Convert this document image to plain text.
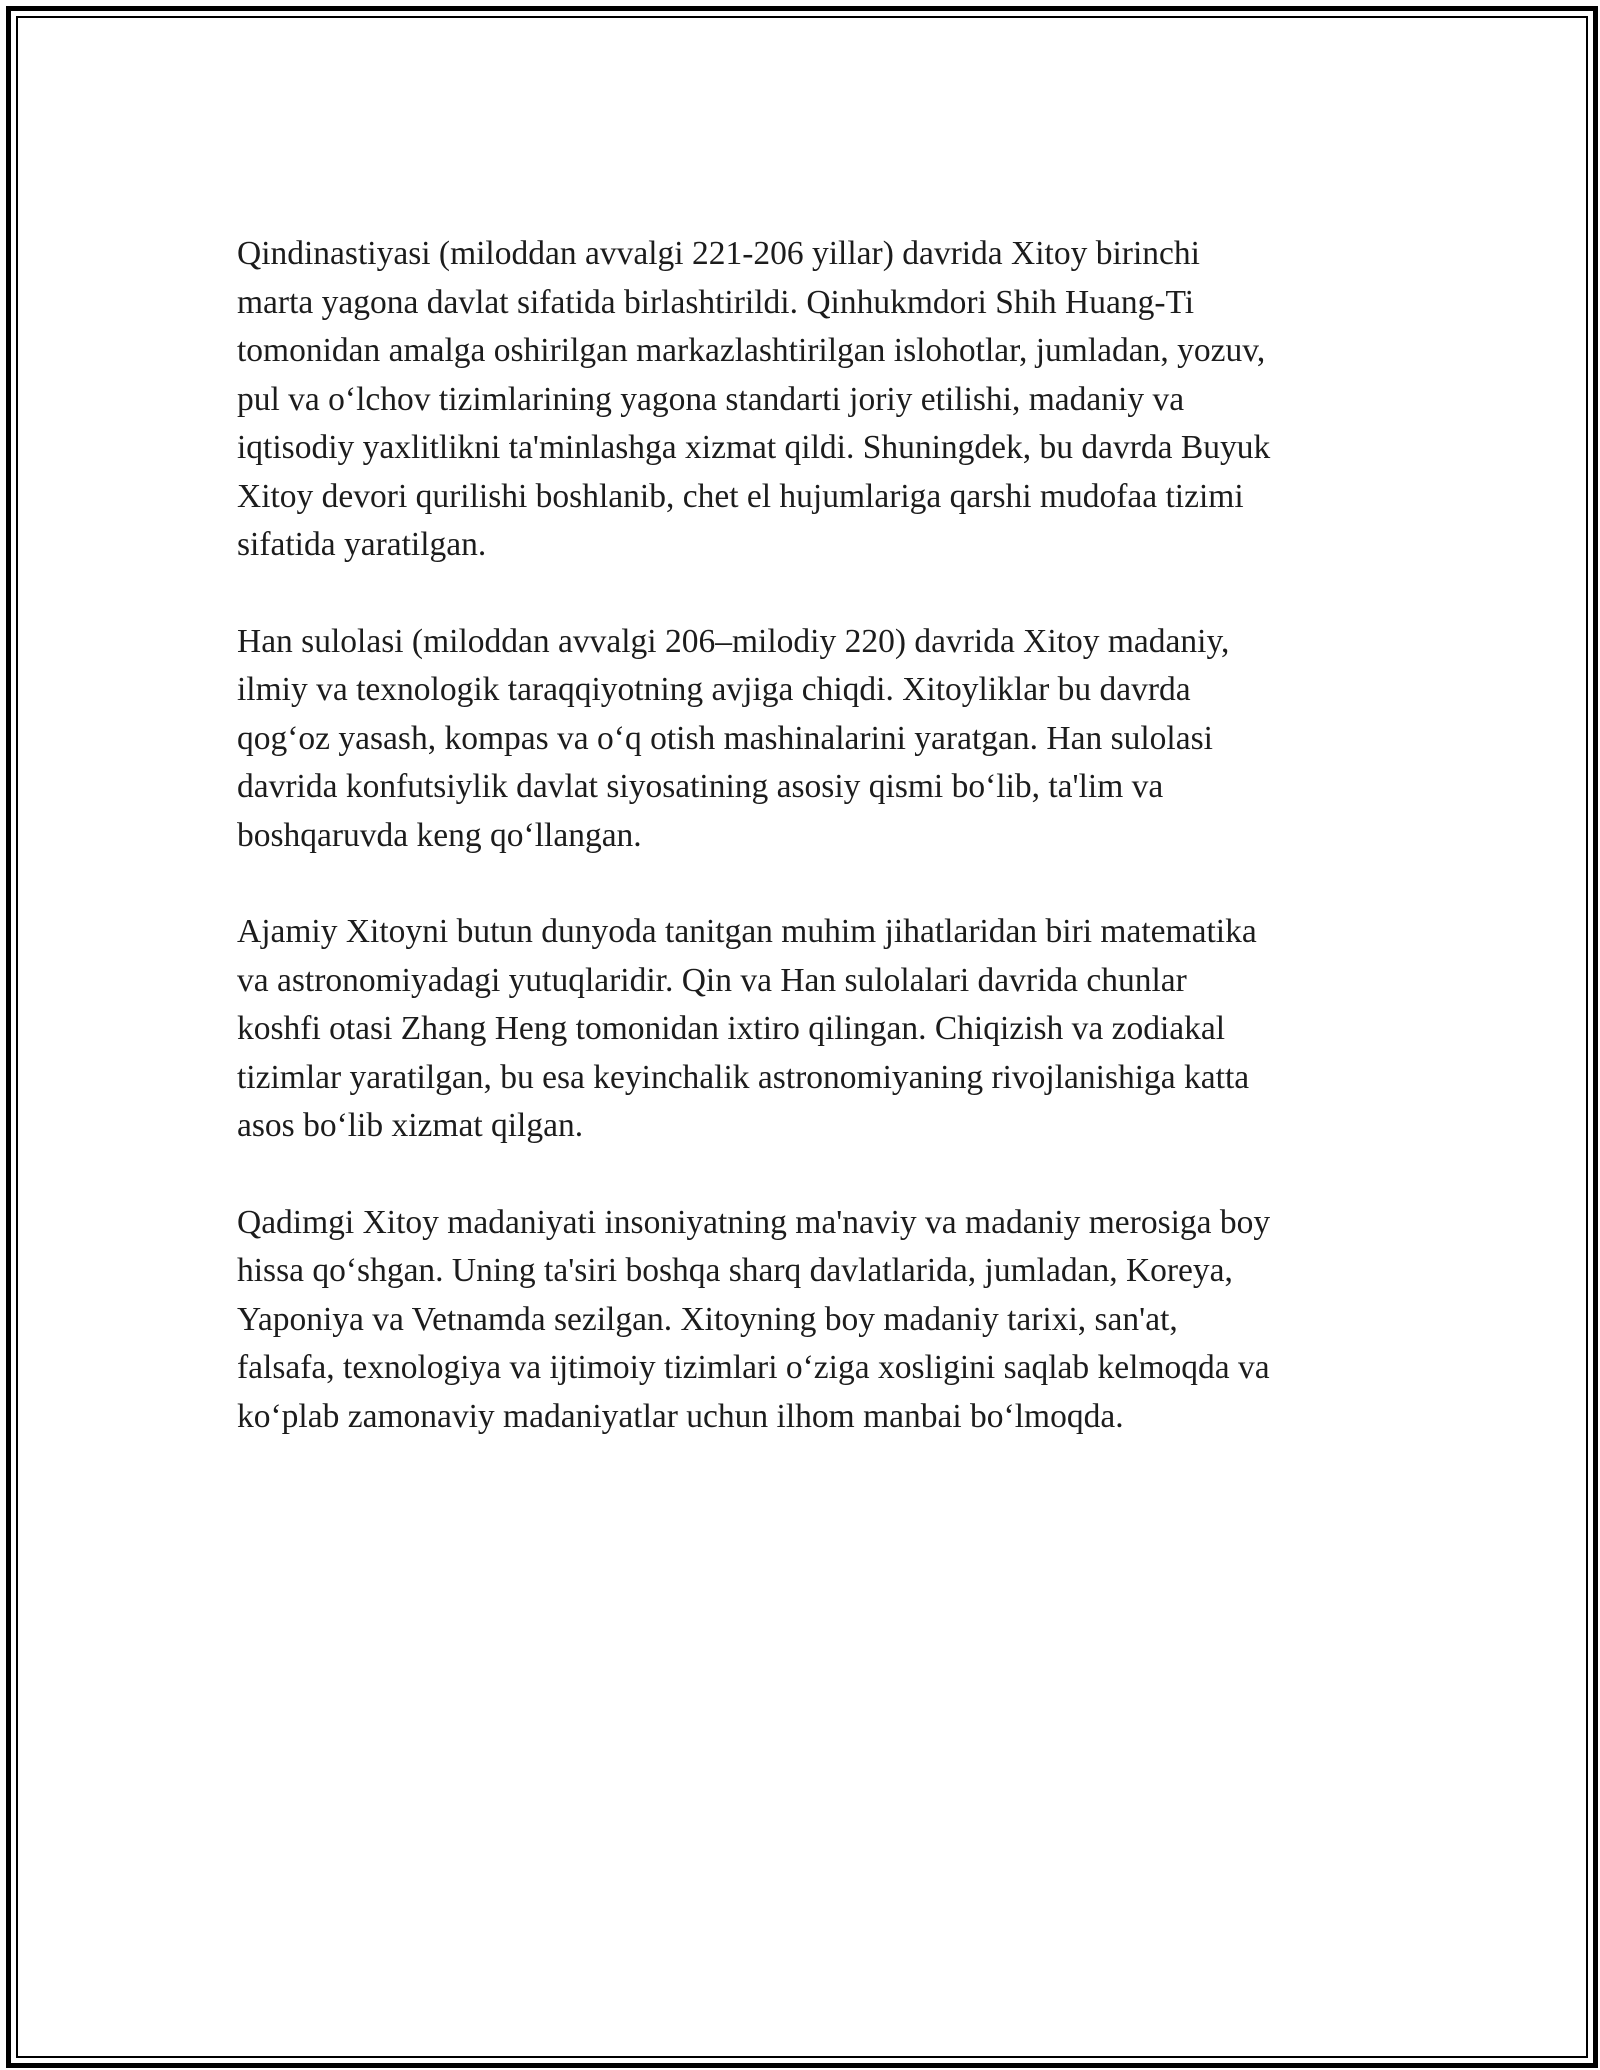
Qindinastiyasi (miloddan avvalgi 221-206 yillar) davrida Xitoy birinchi
marta yagona davlat sifatida birlashtirildi. Qinhukmdori Shih Huang-Ti
tomonidan amalga oshirilgan markazlashtirilgan islohotlar, jumladan, yozuv,
pul va o‘lchov tizimlarining yagona standarti joriy etilishi, madaniy va
iqtisodiy yaxlitlikni ta'minlashga xizmat qildi. Shuningdek, bu davrda Buyuk
Xitoy devori qurilishi boshlanib, chet el hujumlariga qarshi mudofaa tizimi
sifatida yaratilgan.

Han sulolasi (miloddan avvalgi 206–milodiy 220) davrida Xitoy madaniy,
ilmiy va texnologik taraqqiyotning avjiga chiqdi. Xitoyliklar bu davrda
qog‘oz yasash, kompas va o‘q otish mashinalarini yaratgan. Han sulolasi
davrida konfutsiylik davlat siyosatining asosiy qismi bo‘lib, ta'lim va
boshqaruvda keng qo‘llangan.

Ajamiy Xitoyni butun dunyoda tanitgan muhim jihatlaridan biri matematika
va astronomiyadagi yutuqlaridir. Qin va Han sulolalari davrida chunlar
koshfi otasi Zhang Heng tomonidan ixtiro qilingan. Chiqizish va zodiakal
tizimlar yaratilgan, bu esa keyinchalik astronomiyaning rivojlanishiga katta
asos bo‘lib xizmat qilgan.

Qadimgi Xitoy madaniyati insoniyatning ma'naviy va madaniy merosiga boy
hissa qo‘shgan. Uning ta'siri boshqa sharq davlatlarida, jumladan, Koreya,
Yaponiya va Vetnamda sezilgan. Xitoyning boy madaniy tarixi, san'at,
falsafa, texnologiya va ijtimoiy tizimlari o‘ziga xosligini saqlab kelmoqda va
ko‘plab zamonaviy madaniyatlar uchun ilhom manbai bo‘lmoqda.
